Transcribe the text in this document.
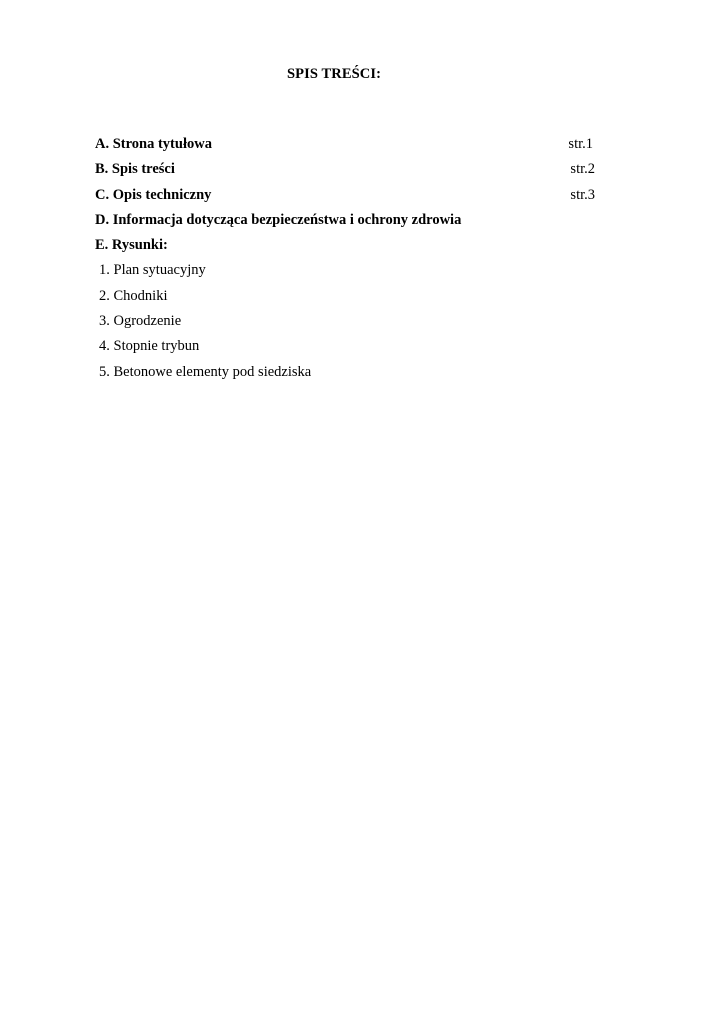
SPIS TREŚCI:
A. Strona tytułowa	str.1
B. Spis treści	str.2
C. Opis techniczny	str.3
D. Informacja dotycząca bezpieczeństwa i ochrony zdrowia
E. Rysunki:
1. Plan sytuacyjny
2. Chodniki
3. Ogrodzenie
4. Stopnie trybun
5. Betonowe elementy pod siedziska
